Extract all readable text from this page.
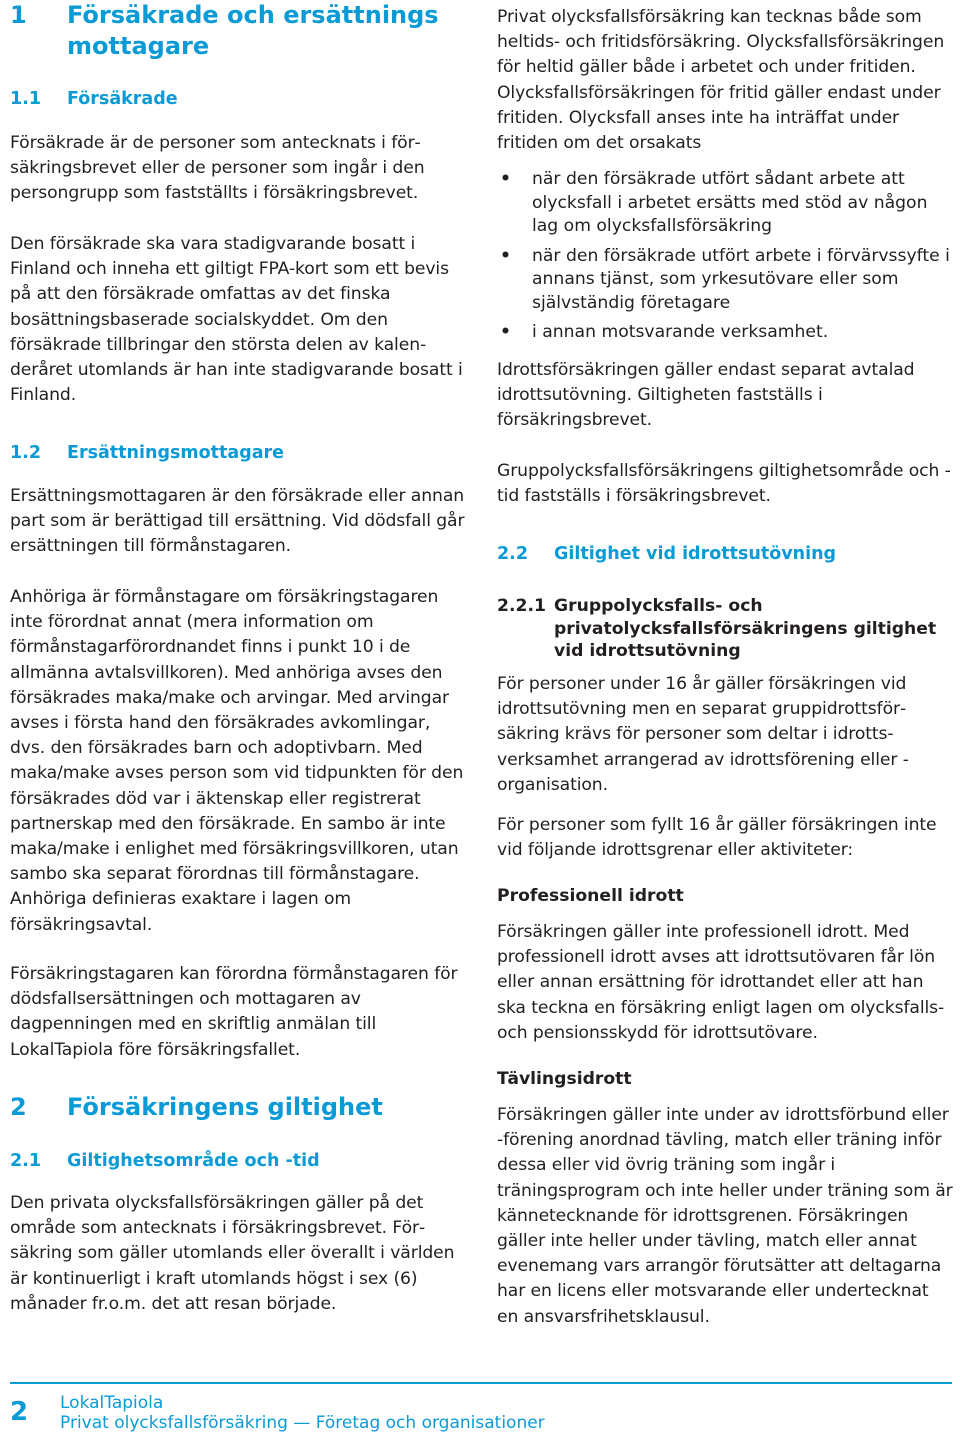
1	Försäkrade och ersättnings mottagare
1.1	Försäkrade

Försäkrade är de personer som antecknats i försäkringsbrevet eller de personer som ingår i den persongrupp som fastställts i försäkringsbrevet.

Den försäkrade ska vara stadigvarande bosatt i Finland och inneha ett giltigt FPA-kort som ett bevis på att den försäkrade omfattas av det finska bosättningsbaserade socialskyddet. Om den försäkrade tillbringar den största delen av kalenderåret utomlands är han inte stadigvarande bosatt i Finland.

1.2	Ersättningsmottagare

Ersättningsmottagaren är den försäkrade eller annan part som är berättigad till ersättning. Vid dödsfall går ersättningen till förmånstagaren.

Anhöriga är förmånstagare om försäkringstagaren inte förordnat annat (mera information om förmånstagarförordnandet finns i punkt 10 i de allmänna avtalsvillkoren). Med anhöriga avses den försäkrades maka/make och arvingar. Med arvingar avses i första hand den försäkrades avkomlingar, dvs. den försäkrades barn och adoptivbarn. Med maka/make avses person som vid tidpunkten för den försäkrades död var i äktenskap eller registrerat partnerskap med den försäkrade. En sambo är inte maka/make i enlighet med försäkringsvillkoren, utan sambo ska separat förordnas till förmånstagare. Anhöriga definieras exaktare i lagen om försäkringsavtal.

Försäkringstagaren kan förordna förmånstagaren för dödsfallsersättningen och mottagaren av dagpenningen med en skriftlig anmälan till LokalTapiola före försäkringsfallet.

2	Försäkringens giltighet
2.1	Giltighetsområde och -tid

Den privata olycksfallsförsäkringen gäller på det område som antecknats i försäkringsbrevet. Försäkring som gäller utomlands eller överallt i världen är kontinuerligt i kraft utomlands högst i sex (6) månader fr.o.m. det att resan började.

Privat olycksfallsförsäkring kan tecknas både som heltids- och fritidsförsäkring. Olycksfallsförsäkringen för heltid gäller både i arbetet och under fritiden. Olycksfallsförsäkringen för fritid gäller endast under fritiden. Olycksfall anses inte ha inträffat under fritiden om det orsakats

• när den försäkrade utfört sådant arbete att olycksfall i arbetet ersätts med stöd av någon lag om olycksfallsförsäkring
• när den försäkrade utfört arbete i förvärvssyfte i annans tjänst, som yrkesutövare eller som självständig företagare
• i annan motsvarande verksamhet.

Idrottsförsäkringen gäller endast separat avtalad idrottsutövning. Giltigheten fastställs i försäkringsbrevet.

Gruppolycksfallsförsäkringens giltighetsområde och -tid fastställs i försäkringsbrevet.

2.2	Giltighet vid idrottsutövning
2.2.1 Gruppolycksfalls- och privatolycksfallsförsäkringens giltighet vid idrottsutövning

För personer under 16 år gäller försäkringen vid idrottsutövning men en separat gruppidrottsförsäkring krävs för personer som deltar i idrottsverksamhet arrangerad av idrottsförening eller -organisation.

För personer som fyllt 16 år gäller försäkringen inte vid följande idrottsgrenar eller aktiviteter:

Professionell idrott

Försäkringen gäller inte professionell idrott. Med professionell idrott avses att idrottsutövaren får lön eller annan ersättning för idrottandet eller att han ska teckna en försäkring enligt lagen om olycksfalls- och pensionsskydd för idrottsutövare.

Tävlingsidrott

Försäkringen gäller inte under av idrottsförbund eller -förening anordnad tävling, match eller träning inför dessa eller vid övrig träning som ingår i träningsprogram och inte heller under träning som är kännetecknande för idrottsgrenen. Försäkringen gäller inte heller under tävling, match eller annat evenemang vars arrangör förutsätter att deltagarna har en licens eller motsvarande eller undertecknat en ansvarsfrihetsklausul.

2 LokalTapiola
Privat olycksfallsförsäkring — Företag och organisationer
